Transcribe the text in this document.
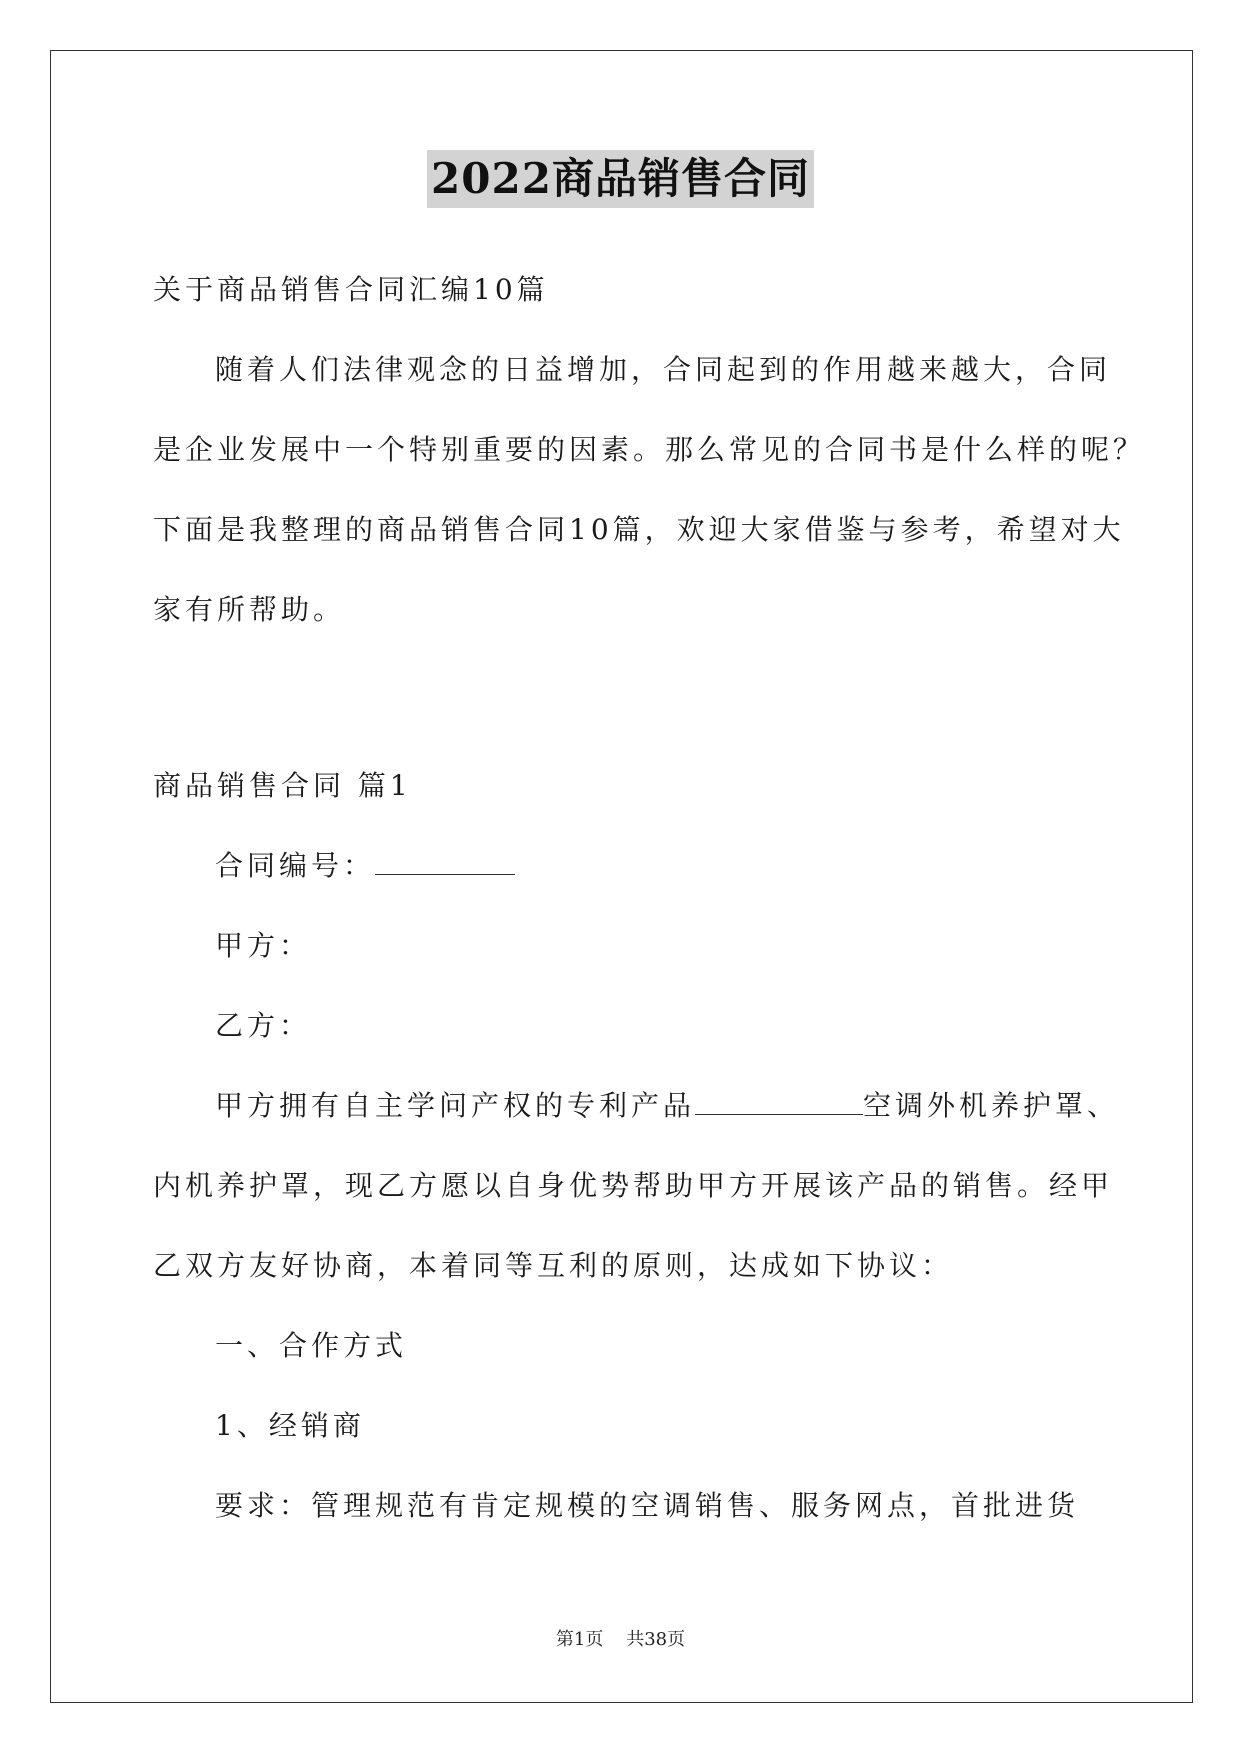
2022商品销售合同
关于商品销售合同汇编10篇
随着人们法律观念的日益增加，合同起到的作用越来越大，合同
是企业发展中一个特别重要的因素。那么常见的合同书是什么样的呢？
下面是我整理的商品销售合同10篇，欢迎大家借鉴与参考，希望对大
家有所帮助。
商品销售合同 篇1
合同编号：
甲方：
乙方：
甲方拥有自主学问产权的专利产品	空调外机养护罩、
内机养护罩，现乙方愿以自身优势帮助甲方开展该产品的销售。经甲
乙双方友好协商，本着同等互利的原则，达成如下协议：
一、合作方式
1、经销商
要求：管理规范有肯定规模的空调销售、服务网点，首批进货
第1页    共38页
